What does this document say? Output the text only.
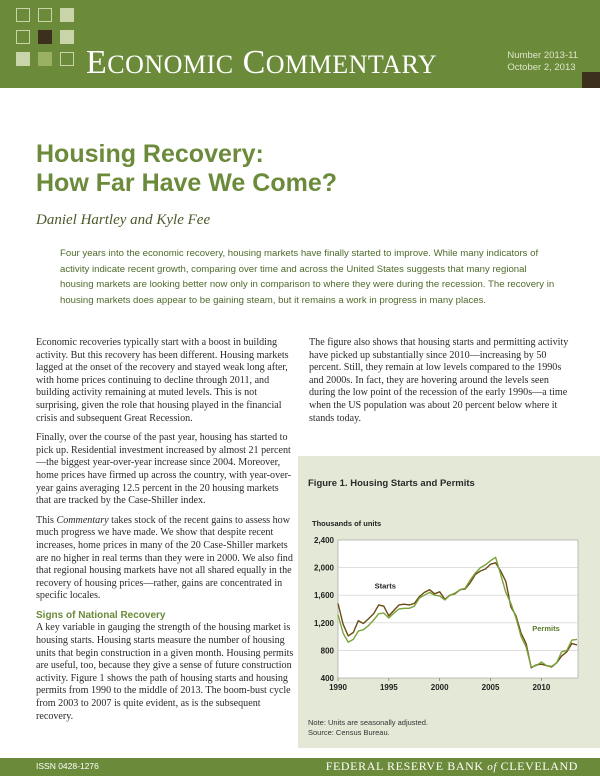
ECONOMIC COMMENTARY	Number 2013-11
October 2, 2013
Housing Recovery:
How Far Have We Come?
Daniel Hartley and Kyle Fee
Four years into the economic recovery, housing markets have finally started to improve. While many indicators of activity indicate recent growth, comparing over time and across the United States suggests that many regional housing markets are looking better now only in comparison to where they were during the recession. The recovery in housing markets does appear to be gaining steam, but it remains a work in progress in many places.

Economic recoveries typically start with a boost in building activity. But this recovery has been different. Housing markets lagged at the onset of the recovery and stayed weak long after, with home prices continuing to decline through 2011, and building activity remaining at muted levels. This is not surprising, given the role that housing played in the financial crisis and subsequent Great Recession.

Finally, over the course of the past year, housing has started to pick up. Residential investment increased by almost 21 percent—the biggest year-over-year increase since 2004. Moreover, home prices have firmed up across the country, with year-over-year gains averaging 12.5 percent in the 20 housing markets that are tracked by the Case-Shiller index.

This Commentary takes stock of the recent gains to assess how much progress we have made. We show that despite recent increases, home prices in many of the 20 Case-Shiller markets are no higher in real terms than they were in 2000. We also find that regional housing markets have not all shared equally in the recovery of housing prices—rather, gains are concentrated in specific locales.

Signs of National Recovery

A key variable in gauging the strength of the housing market is housing starts. Housing starts measure the number of housing units that begin construction in a given month. Housing permits are useful, too, because they give a sense of future construction activity. Figure 1 shows the path of housing starts and housing permits from 1990 to the middle of 2013. The boom-bust cycle from 2003 to 2007 is quite evident, as is the subsequent recovery.

The figure also shows that housing starts and permitting activity have picked up substantially since 2010—increasing by 50 percent. Still, they remain at low levels compared to the 1990s and 2000s. In fact, they are hovering around the levels seen during the low point of the recession of the early 1990s—a time when the US population was about 20 percent below where it stands today.

Figure 1. Housing Starts and Permits
Thousands of units
400
800
1,200
1,600
2,000
2,400
1990	1995	2000	2005	2010
Starts
Permits
Note: Units are seasonally adjusted.
Source: Census Bureau.
ISSN 0428-1276	FEDERAL RESERVE BANK of CLEVELAND
